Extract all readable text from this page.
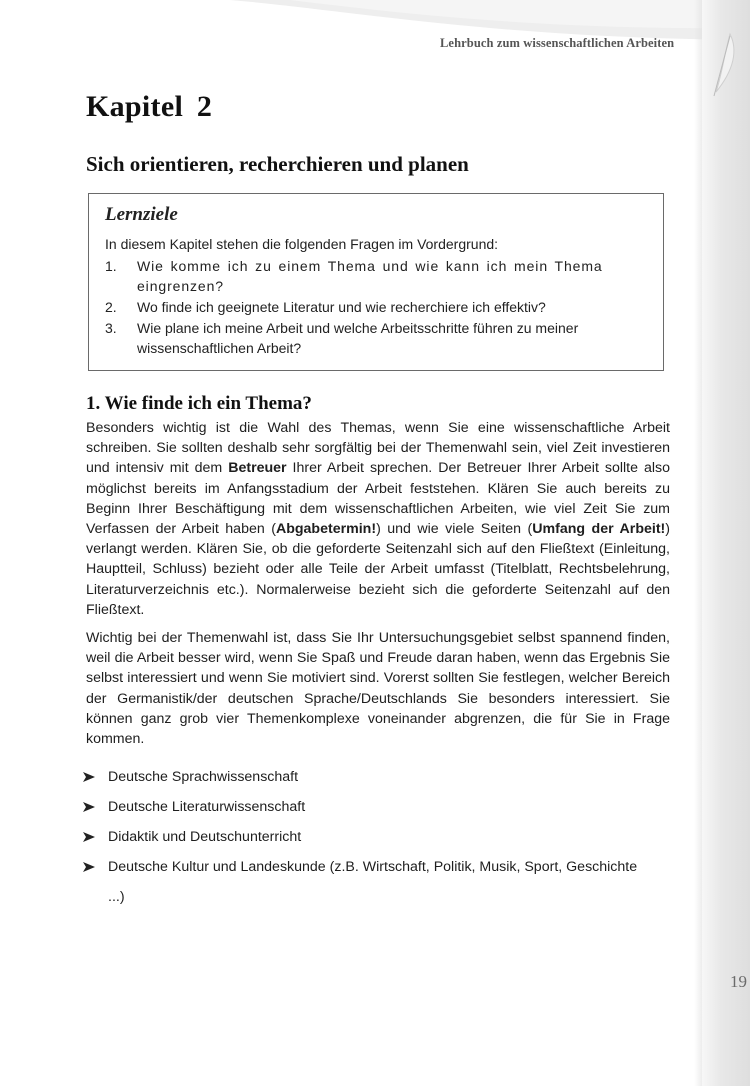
Lehrbuch zum wissenschaftlichen Arbeiten
Kapitel 2
Sich orientieren, recherchieren und planen
Lernziele
In diesem Kapitel stehen die folgenden Fragen im Vordergrund:
1.	Wie komme ich zu einem Thema und wie kann ich mein Thema eingrenzen?
2.	Wo finde ich geeignete Literatur und wie recherchiere ich effektiv?
3.	Wie plane ich meine Arbeit und welche Arbeitsschritte führen zu meiner wissenschaftlichen Arbeit?
1. Wie finde ich ein Thema?
Besonders wichtig ist die Wahl des Themas, wenn Sie eine wissenschaftliche Arbeit schreiben. Sie sollten deshalb sehr sorgfältig bei der Themenwahl sein, viel Zeit investieren und intensiv mit dem Betreuer Ihrer Arbeit sprechen. Der Betreuer Ihrer Arbeit sollte also möglichst bereits im Anfangsstadium der Arbeit feststehen. Klären Sie auch bereits zu Beginn Ihrer Beschäftigung mit dem wissenschaftlichen Arbeiten, wie viel Zeit Sie zum Verfassen der Arbeit haben (Abgabetermin!) und wie viele Seiten (Umfang der Arbeit!) verlangt werden. Klären Sie, ob die geforderte Seitenzahl sich auf den Fließtext (Einleitung, Hauptteil, Schluss) bezieht oder alle Teile der Arbeit umfasst (Titelblatt, Rechtsbelehrung, Literaturverzeichnis etc.). Normalerweise bezieht sich die geforderte Seitenzahl auf den Fließtext.
Wichtig bei der Themenwahl ist, dass Sie Ihr Untersuchungsgebiet selbst spannend finden, weil die Arbeit besser wird, wenn Sie Spaß und Freude daran haben, wenn das Ergebnis Sie selbst interessiert und wenn Sie motiviert sind. Vorerst sollten Sie festlegen, welcher Bereich der Germanistik/der deutschen Sprache/Deutschlands Sie besonders interessiert. Sie können ganz grob vier Themenkomplexe voneinander abgrenzen, die für Sie in Frage kommen.
Deutsche Sprachwissenschaft
Deutsche Literaturwissenschaft
Didaktik und Deutschunterricht
Deutsche Kultur und Landeskunde (z.B. Wirtschaft, Politik, Musik, Sport, Geschichte ...)
19
